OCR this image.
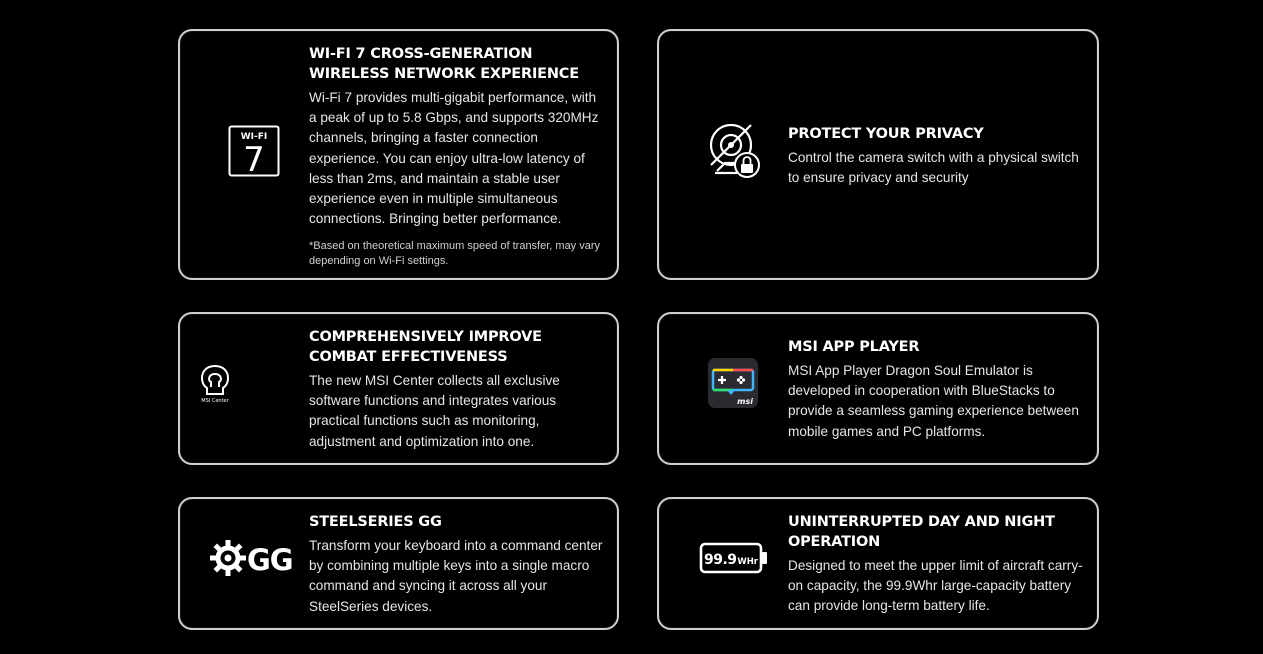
WI-FI
7
WI-FI 7 CROSS-GENERATION WIRELESS NETWORK EXPERIENCE

Wi-Fi 7 provides multi-gigabit performance, with a peak of up to 5.8 Gbps, and supports 320MHz channels, bringing a faster connection experience. You can enjoy ultra-low latency of less than 2ms, and maintain a stable user experience even in multiple simultaneous connections. Bringing better performance.

*Based on theoretical maximum speed of transfer, may vary depending on Wi-Fi settings.

PROTECT YOUR PRIVACY

Control the camera switch with a physical switch to ensure privacy and security

MSI Center
COMPREHENSIVELY IMPROVE COMBAT EFFECTIVENESS

The new MSI Center collects all exclusive software functions and integrates various practical functions such as monitoring, adjustment and optimization into one.

msi
MSI APP PLAYER

MSI App Player Dragon Soul Emulator is developed in cooperation with BlueStacks to provide a seamless gaming experience between mobile games and PC platforms.

GG
STEELSERIES GG

Transform your keyboard into a command center by combining multiple keys into a single macro command and syncing it across all your SteelSeries devices.

99.9 WHr
UNINTERRUPTED DAY AND NIGHT OPERATION

Designed to meet the upper limit of aircraft carry-on capacity, the 99.9Whr large-capacity battery can provide long-term battery life.
